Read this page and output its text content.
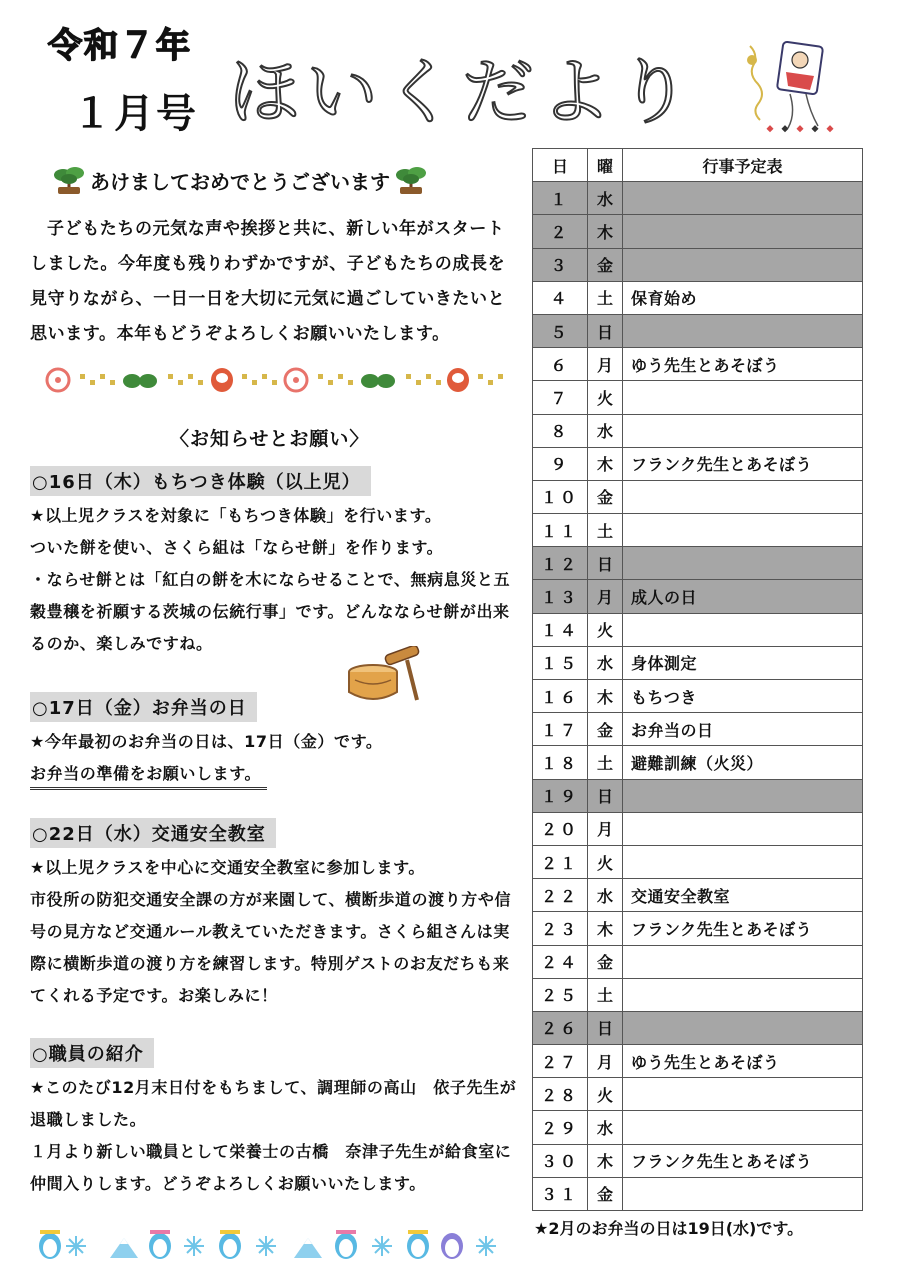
令和７年
１月号 ほいくだより
あけましておめでとうございます

子どもたちの元気な声や挨拶と共に、新しい年がスタートしました。今年度も残りわずかですが、子どもたちの成長を見守りながら、一日一日を大切に元気に過ごしていきたいと思います。本年もどうぞよろしくお願いいたします。

〈お知らせとお願い〉
○16日（木）もちつき体験（以上児）

★以上児クラスを対象に「もちつき体験」を行います。

ついた餅を使い、さくら組は「ならせ餅」を作ります。

・ならせ餅とは「紅白の餅を木にならせることで、無病息災と五穀豊穣を祈願する茨城の伝統行事」です。どんなならせ餅が出来るのか、楽しみですね。

○17日（金）お弁当の日

★今年最初のお弁当の日は、17日（金）です。

お弁当の準備をお願いします。

○22日（水）交通安全教室

★以上児クラスを中心に交通安全教室に参加します。

市役所の防犯交通安全課の方が来園して、横断歩道の渡り方や信号の見方など交通ルール教えていただきます。さくら組さんは実際に横断歩道の渡り方を練習します。特別ゲストのお友だちも来てくれる予定です。お楽しみに！

○職員の紹介

★このたび12月末日付をもちまして、調理師の高山　依子先生が退職しました。

１月より新しい職員として栄養士の古橋　奈津子先生が給食室に仲間入りします。どうぞよろしくお願いいたします。

日	曜	行事予定表
１	水	
２	木	
３	金	
４	土	保育始め
５	日	
６	月	ゆう先生とあそぼう
７	火	
８	水	
９	木	フランク先生とあそぼう
１０	金	
１１	土	
１２	日	
１３	月	成人の日
１４	火	
１５	水	身体測定
１６	木	もちつき
１７	金	お弁当の日
１８	土	避難訓練（火災）
１９	日	
２０	月	
２１	火	
２２	水	交通安全教室
２３	木	フランク先生とあそぼう
２４	金	
２５	土	
２６	日	
２７	月	ゆう先生とあそぼう
２８	火	
２９	水	
３０	木	フランク先生とあそぼう
３１	金	
★2月のお弁当の日は19日(水)です。
